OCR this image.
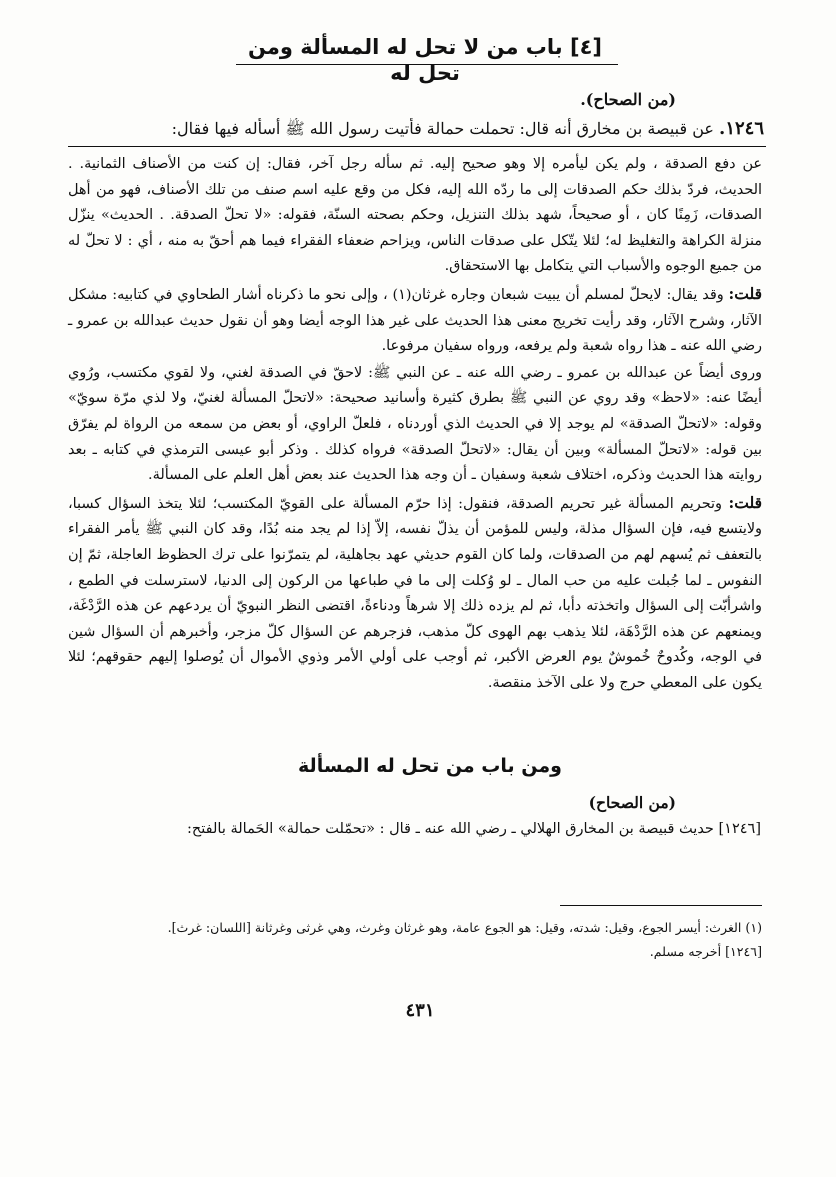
[٤] باب من لا تحل له المسألة ومن تحل له
(من الصحاح).
١٢٤٦. عن قبيصة بن مخارق أنه قال: تحملت حمالة فأتيت رسول الله ﷺ أسأله فيها فقال:

عن دفع الصدقة ، ولم يكن ليأمره إلا وهو صحيح إليه. ثم سأله رجل آخر، فقال: إن كنت من الأصناف الثمانية. . الحديث، فردّ بذلك حكم الصدقات إلى ما ردّه الله إليه، فكل من وقع عليه اسم صنف من تلك الأصناف، فهو من أهل الصدقات، زَمِنًا كان ، أو صحيحاً، شهد بذلك التنزيل، وحكم بصحته السنّة، فقوله: «لا تحلّ الصدقة. . الحديث» ينزّل منزلة الكراهة والتغليظ له؛ لئلا يتّكل على صدقات الناس، ويزاحم ضعفاء الفقراء فيما هم أحقّ به منه ، أي : لا تحلّ له من جميع الوجوه والأسباب التي يتكامل بها الاستحقاق.

قلت: وقد يقال: لايحلّ لمسلم أن يبيت شبعان وجاره غرثان(١) ، وإلى نحو ما ذكرناه أشار الطحاوي في كتابيه: مشكل الآثار، وشرح الآثار، وقد رأيت تخريج معنى هذا الحديث على غير هذا الوجه أيضا وهو أن نقول حديث عبدالله بن عمرو ـ رضي الله عنه ـ هذا رواه شعبة ولم يرفعه، ورواه سفيان مرفوعا.

وروى أيضاً عن عبدالله بن عمرو ـ رضي الله عنه ـ عن النبي ﷺ: لاحقّ في الصدقة لغني، ولا لقوي مكتسب، ورُوي أيضًا عنه: «لاحظ» وقد روي عن النبي ﷺ بطرق كثيرة وأسانيد صحيحة: «لاتحلّ المسألة لغنيّ، ولا لذي مرّة سويّ» وقوله: «لاتحلّ الصدقة» لم يوجد إلا في الحديث الذي أوردناه ، فلعلّ الراوي، أو بعض من سمعه من الرواة لم يفرّق بين قوله: «لاتحلّ المسألة» وبين أن يقال: «لاتحلّ الصدقة» فرواه كذلك . وذكر أبو عيسى الترمذي في كتابه ـ بعد روايته هذا الحديث وذكره، اختلاف شعبة وسفيان ـ أن وجه هذا الحديث عند بعض أهل العلم على المسألة.

قلت: وتحريم المسألة غير تحريم الصدقة، فنقول: إذا حرّم المسألة على القويّ المكتسب؛ لئلا يتخذ السؤال كسبا، ولايتسع فيه، فإن السؤال مذلة، وليس للمؤمن أن يذلّ نفسه، إلاّ إذا لم يجد منه بُدًا، وقد كان النبي ﷺ يأمر الفقراء بالتعفف ثم يُسهم لهم من الصدقات، ولما كان القوم حديثي عهد بجاهلية، لم يتمرّنوا على ترك الحظوظ العاجلة، ثمّ إن النفوس ـ لما جُبلت عليه من حب المال ـ لو وُكلت إلى ما في طباعها من الركون إلى الدنيا، لاسترسلت في الطمع ، واشرأبّت إلى السؤال واتخذته دأبا، ثم لم يزده ذلك إلا شرهاً ودناءةً، اقتضى النظر النبويّ أن يردعهم عن هذه الرَّدْغَة، ويمنعهم عن هذه الرَّدْهَة، لئلا يذهب بهم الهوى كلّ مذهب، فزجرهم عن السؤال كلّ مزجر، وأخبرهم أن السؤال شين في الوجه، وكُدوحٌ خُموشٌ يوم العرض الأكبر، ثم أوجب على أولي الأمر وذوي الأموال أن يُوصلوا إليهم حقوقهم؛ لئلا يكون على المعطي حرج ولا على الآخذ منقصة.

ومن باب من تحل له المسألة
(من الصحاح)
[١٢٤٦] حديث قبيصة بن المخارق الهلالي ـ رضي الله عنه ـ قال : «تحمّلت حمالة» الحَمالة بالفتح:

(١) الغرث: أيسر الجوع، وقيل: شدته، وقيل: هو الجوع عامة، وهو غرثان وغرث، وهي غرثى وغرثانة [اللسان: غرث].

[١٢٤٦] أخرجه مسلم.

٤٣١
